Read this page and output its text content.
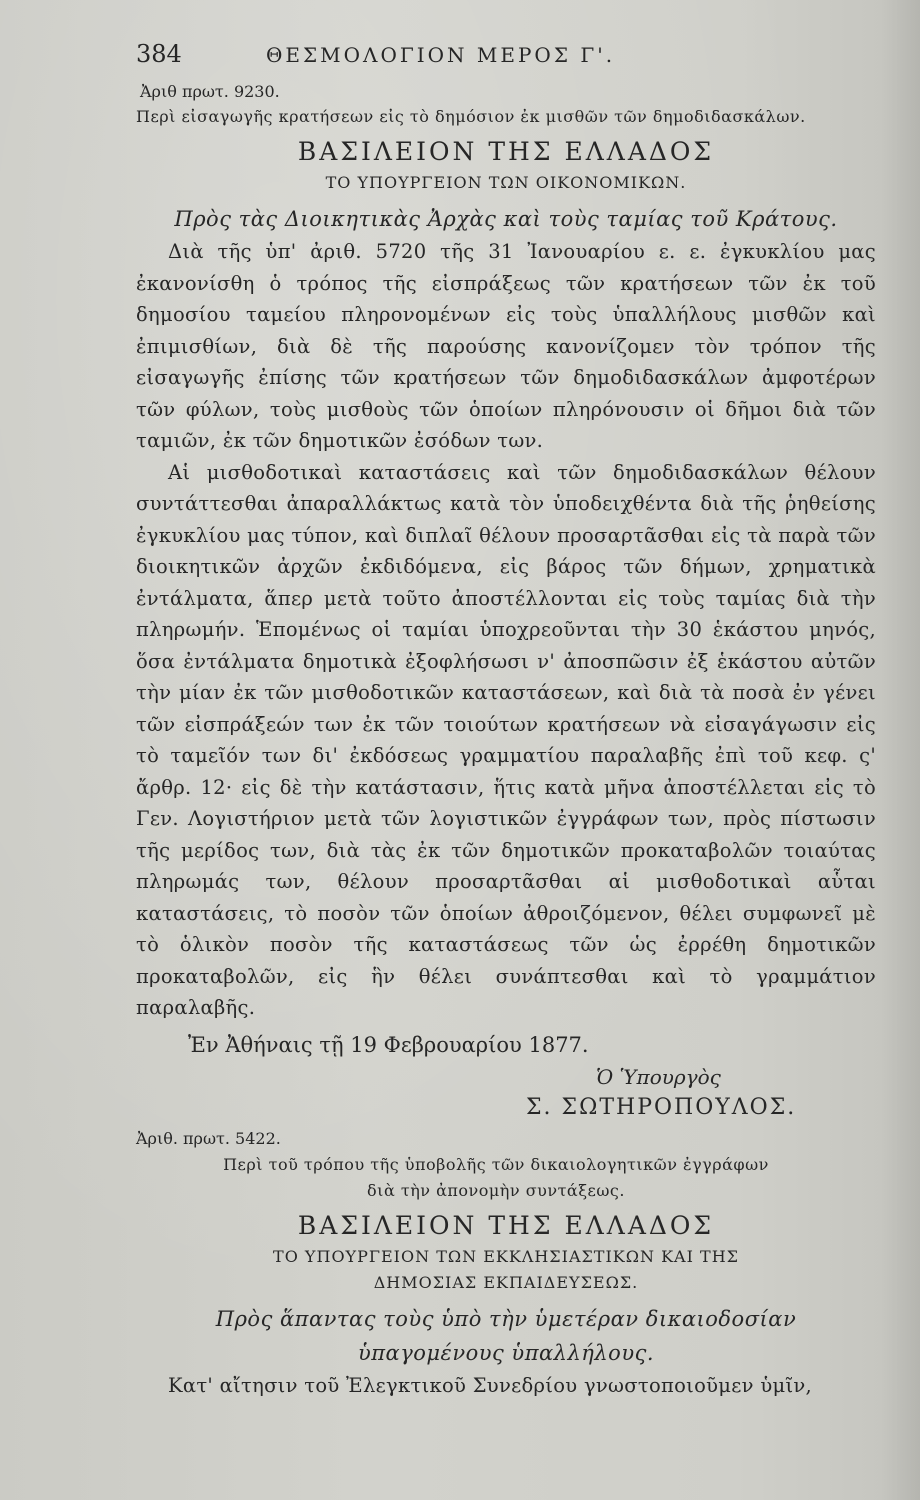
384	ΘΕΣΜΟΛΟΓΙΟΝ ΜΕΡΟΣ Γ'.
Ἀριθ πρωτ. 9230.
Περὶ εἰσαγωγῆς κρατήσεων εἰς τὸ δημόσιον ἐκ μισθῶν τῶν δημοδιδασκάλων.
ΒΑΣΙΛΕΙΟΝ ΤΗΣ ΕΛΛΑΔΟΣ
ΤΟ ΥΠΟΥΡΓΕΙΟΝ ΤΩΝ ΟΙΚΟΝΟΜΙΚΩΝ.
Πρὸς τὰς Διοικητικὰς Ἀρχὰς καὶ τοὺς ταμίας τοῦ Κράτους.

Διὰ τῆς ὑπ' ἀριθ. 5720 τῆς 31 Ἰανουαρίου ε. ε. ἐγκυκλίου μας ἐκανονίσθη ὁ τρόπος τῆς εἰσπράξεως τῶν κρατήσεων τῶν ἐκ τοῦ δημοσίου ταμείου πληρονομένων εἰς τοὺς ὑπαλλήλους μισθῶν καὶ ἐπιμισθίων, διὰ δὲ τῆς παρούσης κανονίζομεν τὸν τρόπον τῆς εἰσαγωγῆς ἐπίσης τῶν κρατήσεων τῶν δημοδιδασκάλων ἀμφοτέρων τῶν φύλων, τοὺς μισθοὺς τῶν ὁποίων πληρόνουσιν οἱ δῆμοι διὰ τῶν ταμιῶν, ἐκ τῶν δημοτικῶν ἐσόδων των.

Αἱ μισθοδοτικαὶ καταστάσεις καὶ τῶν δημοδιδασκάλων θέλουν συντάττεσθαι ἀπαραλλάκτως κατὰ τὸν ὑποδειχθέντα διὰ τῆς ῥηθείσης ἐγκυκλίου μας τύπον, καὶ διπλαῖ θέλουν προσαρτᾶσθαι εἰς τὰ παρὰ τῶν διοικητικῶν ἀρχῶν ἐκδιδόμενα, εἰς βάρος τῶν δήμων, χρηματικὰ ἐντάλματα, ἅπερ μετὰ τοῦτο ἀποστέλλονται εἰς τοὺς ταμίας διὰ τὴν πληρωμήν. Ἑπομένως οἱ ταμίαι ὑποχρεοῦνται τὴν 30 ἑκάστου μηνός, ὅσα ἐντάλματα δημοτικὰ ἐξοφλήσωσι ν' ἀποσπῶσιν ἐξ ἑκάστου αὐτῶν τὴν μίαν ἐκ τῶν μισθοδοτικῶν καταστάσεων, καὶ διὰ τὰ ποσὰ ἐν γένει τῶν εἰσπράξεών των ἐκ τῶν τοιούτων κρατήσεων νὰ εἰσαγάγωσιν εἰς τὸ ταμεῖόν των δι' ἐκδόσεως γραμματίου παραλαβῆς ἐπὶ τοῦ κεφ. ς' ἄρθρ. 12· εἰς δὲ τὴν κατάστασιν, ἥτις κατὰ μῆνα ἀποστέλλεται εἰς τὸ Γεν. Λογιστήριον μετὰ τῶν λογιστικῶν ἐγγράφων των, πρὸς πίστωσιν τῆς μερίδος των, διὰ τὰς ἐκ τῶν δημοτικῶν προκαταβολῶν τοιαύτας πληρωμάς των, θέλουν προσαρτᾶσθαι αἱ μισθοδοτικαὶ αὗται καταστάσεις, τὸ ποσὸν τῶν ὁποίων ἀθροιζόμενον, θέλει συμφωνεῖ μὲ τὸ ὁλικὸν ποσὸν τῆς καταστάσεως τῶν ὡς ἐρρέθη δημοτικῶν προκαταβολῶν, εἰς ἣν θέλει συνάπτεσθαι καὶ τὸ γραμμάτιον παραλαβῆς.

Ἐν Ἀθήναις τῇ 19 Φεβρουαρίου 1877.
Ὁ Ὑπουργὸς
Σ. ΣΩΤΗΡΟΠΟΥΛΟΣ.
Ἀριθ. πρωτ. 5422.
Περὶ τοῦ τρόπου τῆς ὑποβολῆς τῶν δικαιολογητικῶν ἐγγράφων
διὰ τὴν ἀπονομὴν συντάξεως.
ΒΑΣΙΛΕΙΟΝ ΤΗΣ ΕΛΛΑΔΟΣ
ΤΟ ΥΠΟΥΡΓΕΙΟΝ ΤΩΝ ΕΚΚΛΗΣΙΑΣΤΙΚΩΝ ΚΑΙ ΤΗΣ
ΔΗΜΟΣΙΑΣ ΕΚΠΑΙΔΕΥΣΕΩΣ.
Πρὸς ἅπαντας τοὺς ὑπὸ τὴν ὑμετέραν δικαιοδοσίαν
ὑπαγομένους ὑπαλλήλους.

Κατ' αἴτησιν τοῦ Ἐλεγκτικοῦ Συνεδρίου γνωστοποιοῦμεν ὑμῖν,
